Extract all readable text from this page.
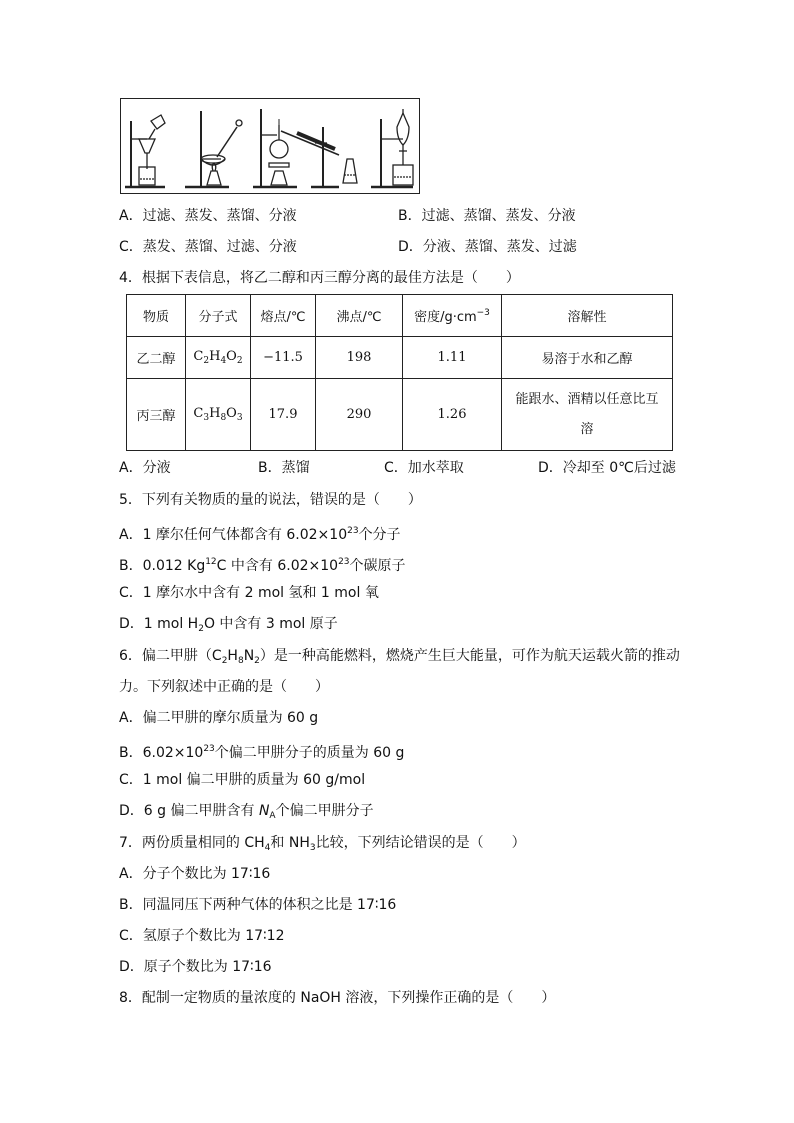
A．过滤、蒸发、蒸馏、分液	B．过滤、蒸馏、蒸发、分液
C．蒸发、蒸馏、过滤、分液	D．分液、蒸馏、蒸发、过滤
4．根据下表信息，将乙二醇和丙三醇分离的最佳方法是（　　）
物质	分子式	熔点/℃	沸点/℃	密度$/g\cdot cm^{-3}$	溶解性
乙二醇	$C_2H_4O_2$	−11.5	198	1.11	易溶于水和乙醇
丙三醇	$C_3H_8O_3$	17.9	290	1.26	能跟水、酒精以任意比互
溶
A．分液	B．蒸馏	C．加水萃取	D．冷却至 0℃后过滤
5．下列有关物质的量的说法，错误的是（　　）
A．1 摩尔任何气体都含有 $6.02\times 10^{23}$个分子
B．0.012 Kg$^{12}$C 中含有 $6.02\times 10^{23}$个碳原子
C．1 摩尔水中含有 2 mol 氢和 1 mol 氧
D．1 mol $H_2O$ 中含有 3 mol 原子
6．偏二甲肼$(C_2H_8N_2)$是一种高能燃料，燃烧产生巨大能量，可作为航天运载火箭的推动
力。下列叙述中正确的是（　　）
A．偏二甲肼的摩尔质量为 60 g
B．$6.02\times 10^{23}$个偏二甲肼分子的质量为 60 g
C．1 mol 偏二甲肼的质量为 60 g/mol
D．6 g 偏二甲肼含有 $N_A$个偏二甲肼分子
7．两份质量相同的 $CH_4$和 $NH_3$比较，下列结论错误的是（　　）
A．分子个数比为 17∶16
B．同温同压下两种气体的体积之比是 17∶16
C．氢原子个数比为 17∶12
D．原子个数比为 17∶16
8．配制一定物质的量浓度的 NaOH 溶液，下列操作正确的是（　　）
